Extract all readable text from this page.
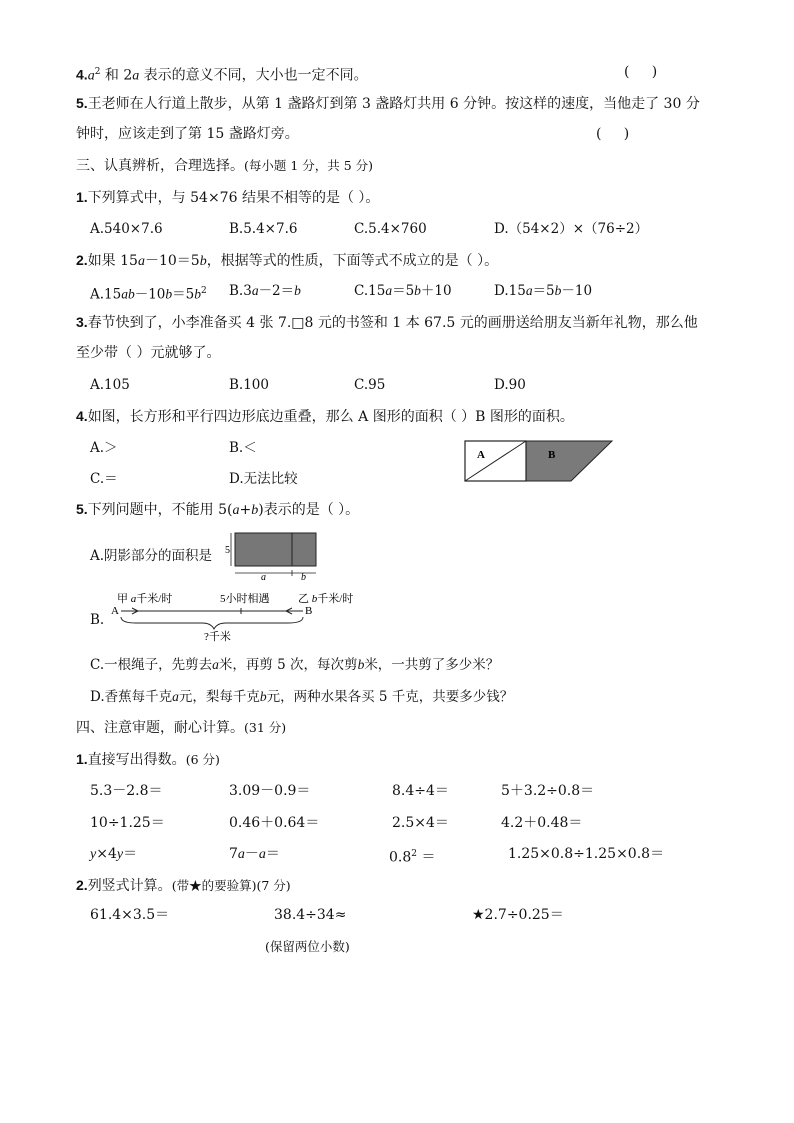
$4.a^2$ 和 2a 表示的意义不同，大小也一定不同。	(     )
5.王老师在人行道上散步，从第 1 盏路灯到第 3 盏路灯共用 6 分钟。按这样的速度，当他走了 30 分
钟时，应该走到了第 15 盏路灯旁。	(     )
三、认真辨析，合理选择。(每小题 1 分，共 5 分)
1.下列算式中，与 54×76 结果不相等的是（ ）。
A.540×7.6	B.5.4×7.6	C.5.4×760	D.（54×2）×（76÷2）
2.如果 15a－10＝5b，根据等式的性质，下面等式不成立的是（ ）。
$A.15ab-10b=5b^2$ B.3a－2＝b	C.15a＝5b＋10	D.15a＝5b－10
3.春节快到了，小李准备买 4 张 7.□8 元的书签和 1 本 67.5 元的画册送给朋友当新年礼物，那么他
至少带（ ）元就够了。
A.105	B.100	C.95	D.90
4.如图，长方形和平行四边形底边重叠，那么 A 图形的面积（ ）B 图形的面积。
A.＞	B.＜
C.＝	D.无法比较
A	B
5.下列问题中，不能用 5(a+b)表示的是（ ）。
A.阴影部分的面积是 5
a	b
B.
甲 a千米/时	5小时相遇	乙 b千米/时
A	B
?千米
C.一根绳子，先剪去a米，再剪 5 次，每次剪b米，一共剪了多少米？
D.香蕉每千克a元，梨每千克b元，两种水果各买 5 千克，共要多少钱？
四、注意审题，耐心计算。(31 分)
1.直接写出得数。(6 分)
5.3－2.8＝	3.09－0.9＝	8.4÷4＝	5＋3.2÷0.8＝
10÷1.25＝	0.46＋0.64＝	2.5×4＝	4.2＋0.48＝
y×4y＝	7a－a＝	$0.8^2$ ＝	1.25×0.8÷1.25×0.8＝
2.列竖式计算。(带★的要验算)(7 分)
61.4×3.5＝	38.4÷34≈	★2.7÷0.25＝
(保留两位小数)
